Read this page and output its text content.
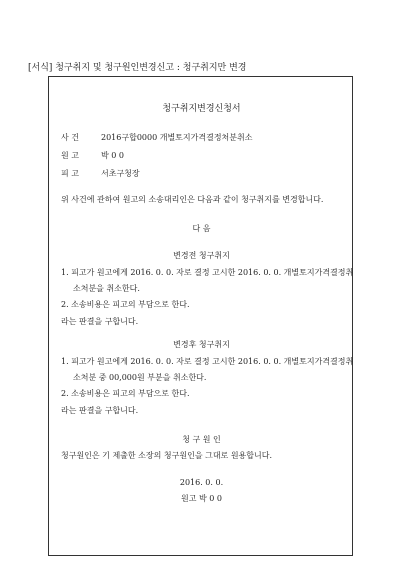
[서식] 청구취지 및 청구원인변경신고 : 청구취지만 변경
청구취지변경신청서
사 건	2016구합0000 개별토지가격결정처분취소
원 고	박 0 0
피 고	서초구청장
위 사건에 관하여 원고의 소송대리인은 다음과 같이 청구취지를 변경합니다.
다 음
변경전 청구취지
1. 피고가 원고에게 2016. 0. 0. 자로 결정 고시한 2016. 0. 0. 개별토지가격결정취
소처분을 취소한다.
2. 소송비용은 피고의 부담으로 한다.
라는 판결을 구합니다.
변경후 청구취지
1. 피고가 원고에게 2016. 0. 0. 자로 결정 고시한 2016. 0. 0. 개별토지가격결정취
소처분 중 00,000원 부분을 취소한다.
2. 소송비용은 피고의 부담으로 한다.
라는 판결을 구합니다.
청 구 원 인
청구원인은 기 제출한 소장의 청구원인을 그대로 원용합니다.
2016. 0. 0.
원고 박 0 0
